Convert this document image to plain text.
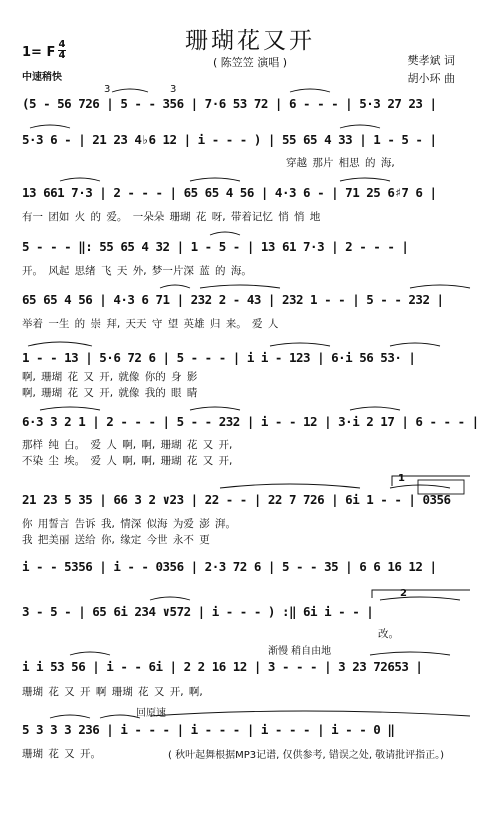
珊瑚花又开
( 陈笠笠 演唱 )
1= F
4
4
中速稍快
樊孝斌 词
胡小环 曲
(5 - 56 726 | 5 - - 356 | 7·6 53 72 | 6 - - - | 5·3 27 23 |
5·3 6 - | 21 23 4♭6 12 | i - - - ) | 55 65 4 33 | 1 - 5 - |
穿越 那片 相思 的 海,
13 661 7·3 | 2 - - - | 65 65 4 56 | 4·3 6 - | 71 25 6♯7 6 |
有一 团如 火 的 爱。 一朵朵 珊瑚 花 呀, 带着记忆 悄 悄 地
5 - - - ‖: 55 65 4 32 | 1 - 5 - | 13 61 7·3 | 2 - - - |
开。 风起 思绪 飞 天 外, 梦一片深 蓝 的 海。
65 65 4 56 | 4·3 6 71 | 232 2 - 43 | 232 1 - - | 5 - - 232 |
举着 一生 的 崇 拜, 天天 守 望 英雄 归 来。 爱 人
1 - - 13 | 5·6 72 6 | 5 - - - | i i - 123 | 6·i 56 53· |
啊, 珊瑚 花 又 开, 就像 你的 身 影
啊, 珊瑚 花 又 开, 就像 我的 眼 睛
6·3 3 2 1 | 2 - - - | 5 - - 232 | i - - 12 | 3·i 2 17 | 6 - - - |
那样 纯 白。 爱 人 啊, 啊, 珊瑚 花 又 开,
不染 尘 埃。 爱 人 啊, 啊, 珊瑚 花 又 开,
1
21 23 5 35 | 66 3 2 ∨23 | 22 - - | 22 7 726 | 6i 1 - - | 0356
你 用誓言 告诉 我, 情深 似海 为爱 澎 湃。
我 把美丽 送给 你, 缘定 今世 永不 更
i - - 5356 | i - - 0356 | 2·3 72 6 | 5 - - 35 | 6 6 16 12 |
2
3 - 5 - | 65 6i 234 ∨572 | i - - - ) :‖ 6i i - - |
改。
渐慢 稍自由地
i i 53 56 | i - - 6i | 2 2 16 12 | 3 - - - | 3 23 72653 |
珊瑚 花 又 开 啊 珊瑚 花 又 开, 啊,
回原速
5 3 3 3 236 | i - - - | i - - - | i - - - | i - - 0 ‖
珊瑚 花 又 开。	( 秋叶起舞根据MP3记谱, 仅供参考, 错误之处, 敬请批评指正。)
3	3
